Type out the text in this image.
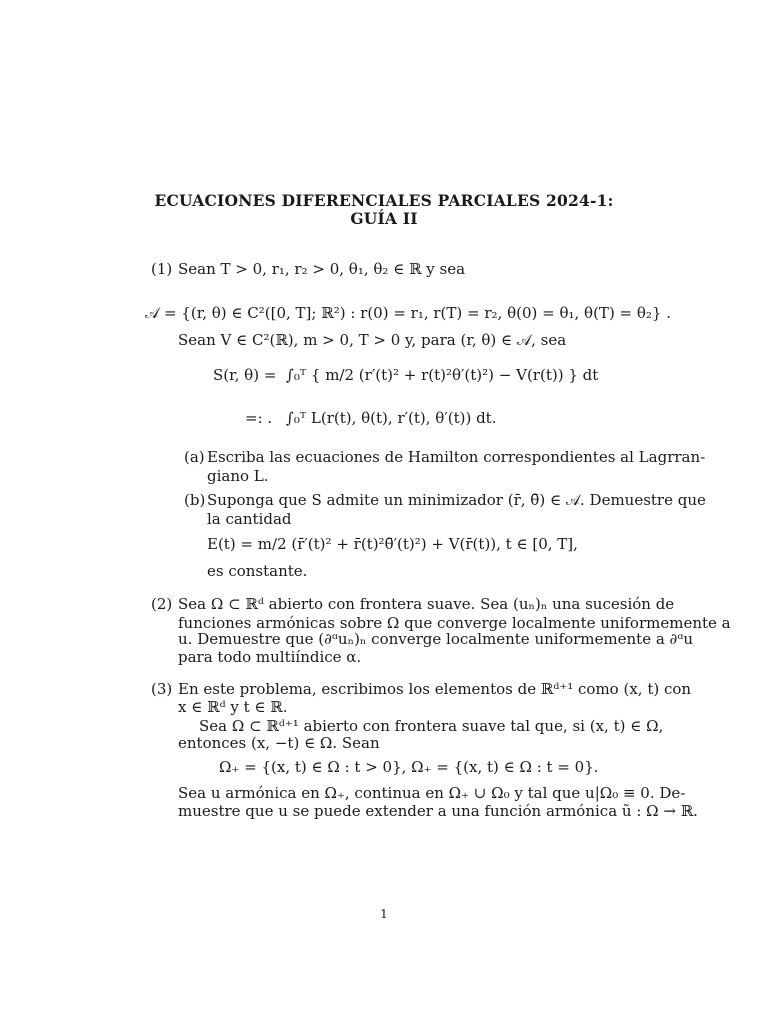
ECUACIONES DIFERENCIALES PARCIALES 2024-1:
GUÍA II
(1) Sean T > 0, r₁, r₂ > 0, θ₁, θ₂ ∈ ℝ y sea
𝒜 = {(r, θ) ∈ C²([0, T]; ℝ²) : r(0) = r₁, r(T) = r₂, θ(0) = θ₁, θ(T) = θ₂} .
Sean V ∈ C²(ℝ), m > 0, T > 0 y, para (r, θ) ∈ 𝒜, sea
S(r, θ) = ∫₀ᵀ { m/2 (r′(t)² + r(t)²θ′(t)²) − V(r(t)) } dt
=: . ∫₀ᵀ L(r(t), θ(t), r′(t), θ′(t)) dt.
(a) Escriba las ecuaciones de Hamilton correspondientes al Lagrran-
giano L.
(b) Suponga que S admite un minimizador (r̄, θ̄) ∈ 𝒜. Demuestre que
la cantidad
E(t) = m/2 (r̄′(t)² + r̄(t)²θ̄′(t)²) + V(r̄(t)), t ∈ [0, T],
es constante.
(2) Sea Ω ⊂ ℝᵈ abierto con frontera suave. Sea (uₙ)ₙ una sucesión de
funciones armónicas sobre Ω que converge localmente uniformemente a
u. Demuestre que (∂ᵅuₙ)ₙ converge localmente uniformemente a ∂ᵅu
para todo multiíndice α.
(3) En este problema, escribimos los elementos de ℝᵈ⁺¹ como (x, t) con
x ∈ ℝᵈ y t ∈ ℝ.
Sea Ω ⊂ ℝᵈ⁺¹ abierto con frontera suave tal que, si (x, t) ∈ Ω,
entonces (x, −t) ∈ Ω. Sean
Ω₊ = {(x, t) ∈ Ω : t > 0}, Ω₊ = {(x, t) ∈ Ω : t = 0}.
Sea u armónica en Ω₊, continua en Ω₊ ∪ Ω₀ y tal que u|Ω₀ ≡ 0. De-
muestre que u se puede extender a una función armónica ũ : Ω → ℝ.
1
